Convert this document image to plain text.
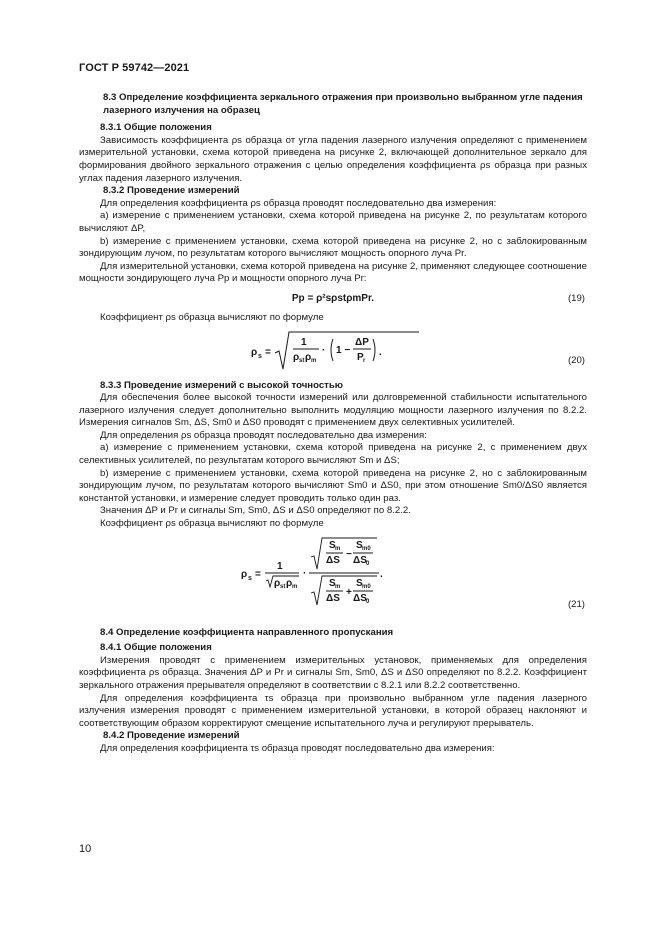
ГОСТ Р 59742—2021
8.3 Определение коэффициента зеркального отражения при произвольно выбранном угле падения лазерного излучения на образец
8.3.1 Общие положения

Зависимость коэффициента ρs образца от угла падения лазерного излучения определяют с применением измерительной установки, схема которой приведена на рисунке 2, включающей дополнительное зеркало для формирования двойного зеркального отражения с целью определения коэффициента ρs образца при разных углах падения лазерного излучения.

8.3.2 Проведение измерений

Для определения коэффициента ρs образца проводят последовательно два измерения:

а) измерение с применением установки, схема которой приведена на рисунке 2, по результатам которого вычисляют ΔP,

b) измерение с применением установки, схема которой приведена на рисунке 2, но с заблокированным зондирующим лучом, по результатам которого вычисляют мощность опорного луча Pr.

Для измерительной установки, схема которой приведена на рисунке 2, применяют следующее соотношение мощности зондирующего луча Pp и мощности опорного луча Pr:

Pp = ρ²sρstρmPr.	(19)

Коэффициент ρs образца вычисляют по формуле

ρ s =
1
ρ st ρ m
· 1 −
ΔP
P r
.
(20)
8.3.3 Проведение измерений с высокой точностью

Для обеспечения более высокой точности измерений или долговременной стабильности испытательного лазерного излучения следует дополнительно выполнить модуляцию мощности лазерного излучения по 8.2.2. Измерения сигналов Sm, ΔS, Sm0 и ΔS0 проводят с применением двух селективных усилителей.

Для определения ρs образца проводят последовательно два измерения:

а) измерение с применением установки, схема которой приведена на рисунке 2, с применением двух селективных усилителей, по результатам которого вычисляют Sm и ΔS;

b) измерение с применением установки, схема которой приведена на рисунке 2, но с заблокированным зондирующим лучом, по результатам которого вычисляют Sm0 и ΔS0, при этом отношение Sm0/ΔS0 является константой установки, и измерение следует проводить только один раз.

Значения ΔP и Pr и сигналы Sm, Sm0, ΔS и ΔS0 определяют по 8.2.2.

Коэффициент ρs образца вычисляют по формуле

ρ s =
1
ρ st ρ m
·
S m
ΔS
−
S m0
ΔS 0
S m
ΔS
+
S m0
ΔS 0
.
(21)
8.4 Определение коэффициента направленного пропускания
8.4.1 Общие положения

Измерения проводят с применением измерительных установок, применяемых для определения коэффициента ρs образца. Значения ΔP и Pr и сигналы Sm, Sm0, ΔS и ΔS0 определяют по 8.2.2. Коэффициент зеркального отражения прерывателя определяют в соответствии с 8.2.1 или 8.2.2 соответственно.

Для определения коэффициента τs образца при произвольно выбранном угле падения лазерного излучения измерения проводят с применением измерительной установки, в которой образец наклоняют и соответствующим образом корректируют смещение испытательного луча и регулируют прерыватель.

8.4.2 Проведение измерений

Для определения коэффициента τs образца проводят последовательно два измерения:

10
